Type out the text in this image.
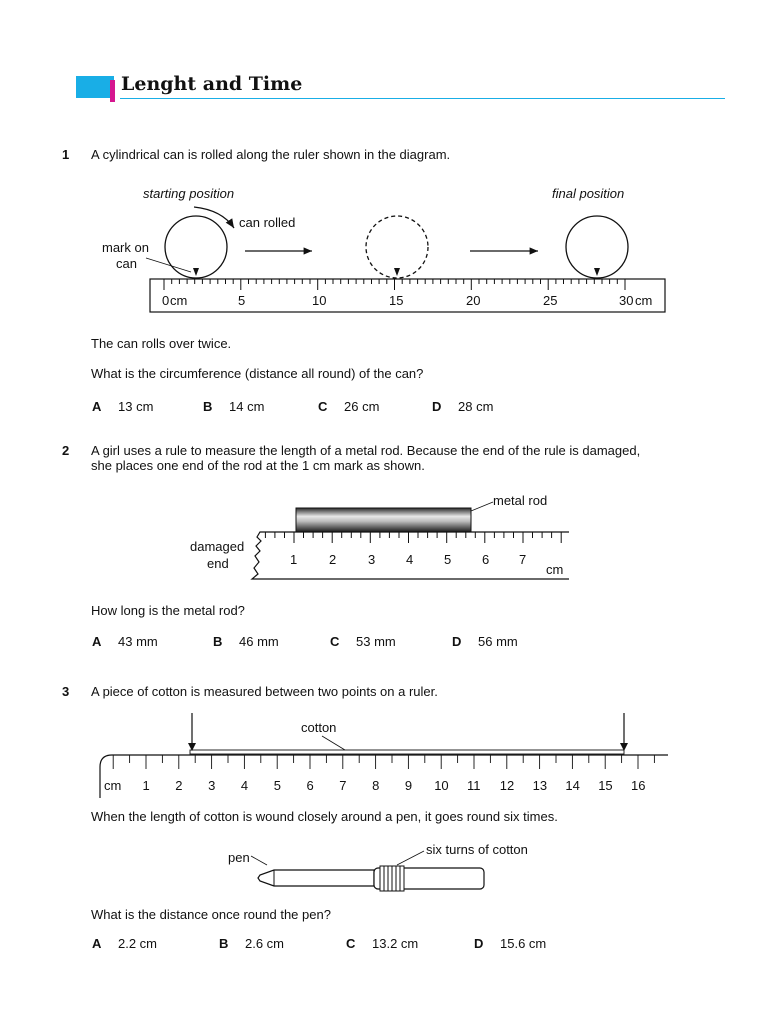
Lenght and Time
1 A cylindrical can is rolled along the ruler shown in the diagram.
starting position	final position
can rolled
mark on
can
0 cm	5	10	15	20	25	30 cm
The can rolls over twice.
What is the circumference (distance all round) of the can?
A 13 cm	B 14 cm	C 26 cm	D 28 cm
2 A girl uses a rule to measure the length of a metal rod. Because the end of the rule is damaged,
she places one end of the rod at the 1 cm mark as shown.
metal rod
damaged
end	1 2 3 4 5 6 7
cm
How long is the metal rod?
A 43 mm	B 46 mm	C 53 mm	D 56 mm
3 A piece of cotton is measured between two points on a ruler.
cotton
cm 1 2 3 4 5 6 7 8 9 10 11 12 13 14 15 16
When the length of cotton is wound closely around a pen, it goes round six times.
pen
six turns of cotton
What is the distance once round the pen?
A 2.2 cm	B 2.6 cm	C 13.2 cm	D 15.6 cm
